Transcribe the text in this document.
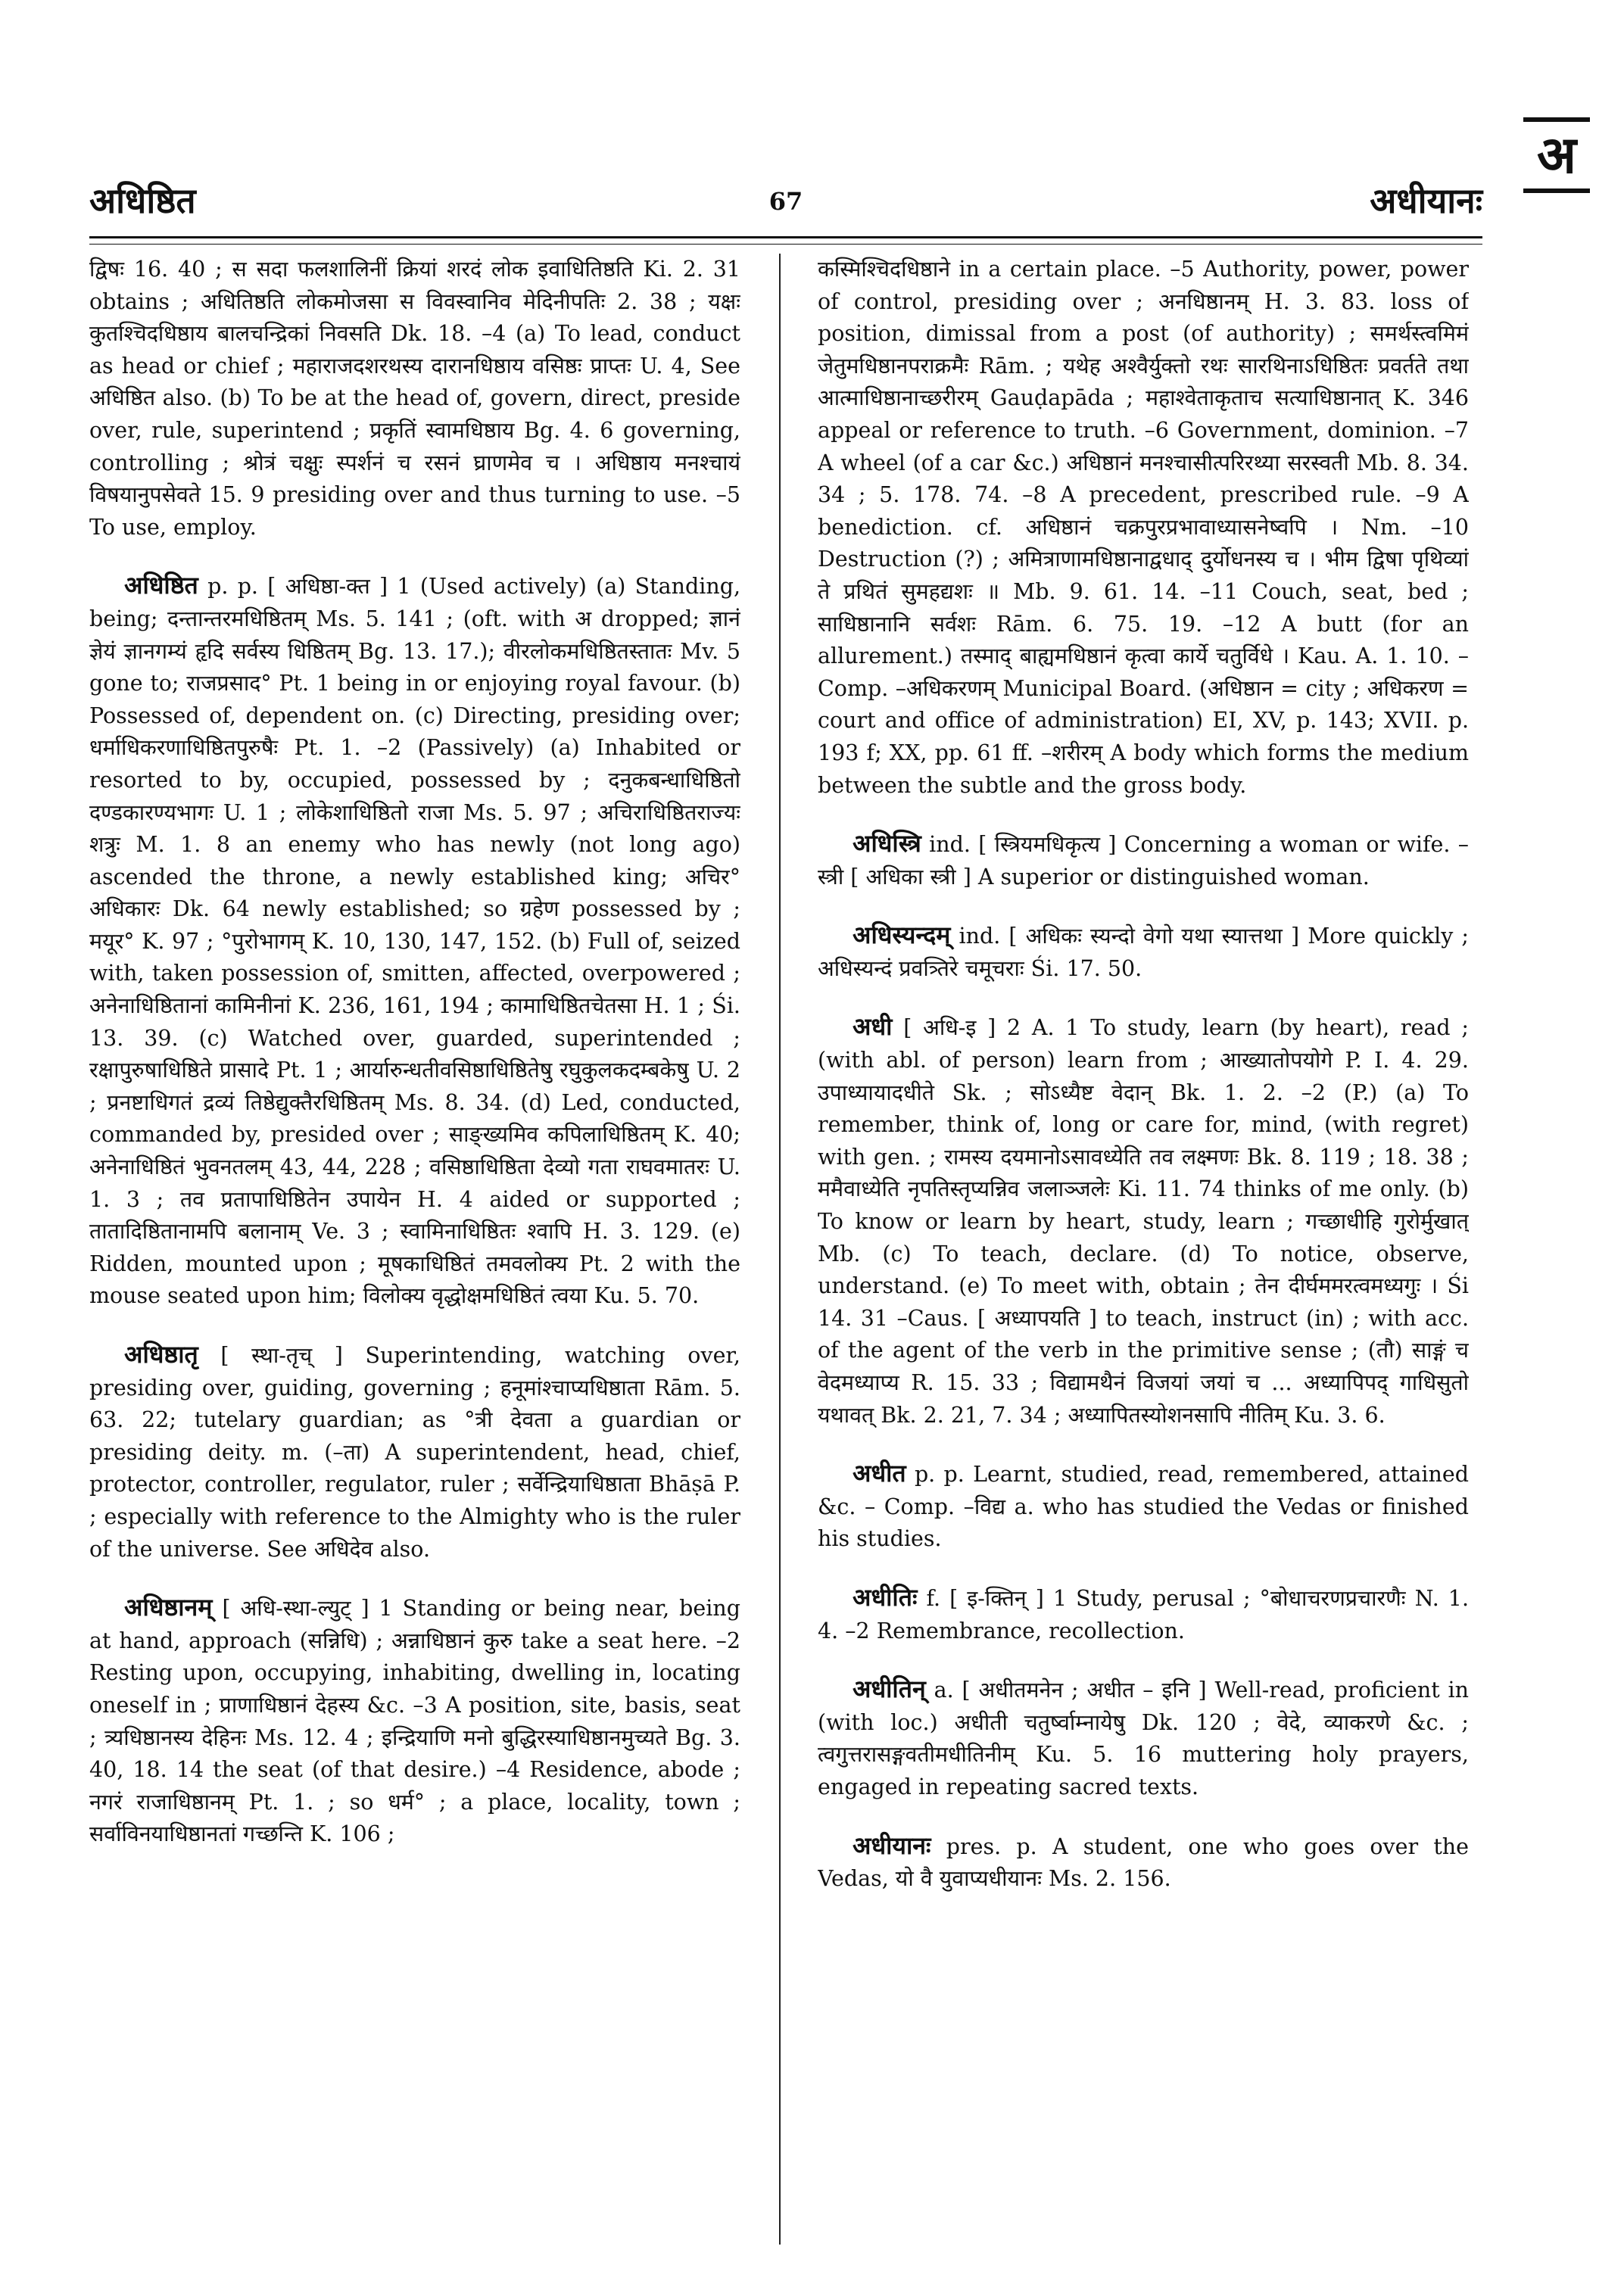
अ
अधिष्ठित	67	अधीयानः

द्विषः 16. 40 ; स सदा फलशालिनीं क्रियां शरदं लोक इवाधितिष्ठति Ki. 2. 31 obtains ; अधितिष्ठति लोकमोजसा स विवस्वानिव मेदिनीपतिः 2. 38 ; यक्षः कुतश्चिदधिष्ठाय बालचन्द्रिकां निवसति Dk. 18. –4 (a) To lead, conduct as head or chief ; महाराजदशरथस्य दारानधिष्ठाय वसिष्ठः प्राप्तः U. 4, See अधिष्ठित also. (b) To be at the head of, govern, direct, preside over, rule, superintend ; प्रकृतिं स्वामधिष्ठाय Bg. 4. 6 governing, controlling ; श्रोत्रं चक्षुः स्पर्शनं च रसनं घ्राणमेव च । अधिष्ठाय मनश्चायं विषयानुपसेवते 15. 9 presiding over and thus turning to use. –5 To use, employ.

अधिष्ठित p. p. [ अधिष्ठा-क्त ] 1 (Used actively) (a) Standing, being; दन्तान्तरमधिष्ठितम् Ms. 5. 141 ; (oft. with अ dropped; ज्ञानं ज्ञेयं ज्ञानगम्यं हृदि सर्वस्य धिष्ठितम् Bg. 13. 17.); वीरलोकमधिष्ठितस्तातः Mv. 5 gone to; राजप्रसाद° Pt. 1 being in or enjoying royal favour. (b) Possessed of, dependent on. (c) Directing, presiding over; धर्माधिकरणाधिष्ठितपुरुषैः Pt. 1. –2 (Passively) (a) Inhabited or resorted to by, occupied, possessed by ; दनुकबन्धाधिष्ठितो दण्डकारण्यभागः U. 1 ; लोकेशाधिष्ठितो राजा Ms. 5. 97 ; अचिराधिष्ठितराज्यः शत्रुः M. 1. 8 an enemy who has newly (not long ago) ascended the throne, a newly established king; अचिर° अधिकारः Dk. 64 newly established; so ग्रहेण possessed by ; मयूर° K. 97 ; °पुरोभागम् K. 10, 130, 147, 152. (b) Full of, seized with, taken possession of, smitten, affected, overpowered ; अनेनाधिष्ठितानां कामिनीनां K. 236, 161, 194 ; कामाधिष्ठितचेतसा H. 1 ; Śi. 13. 39. (c) Watched over, guarded, superintended ; रक्षापुरुषाधिष्ठिते प्रासादे Pt. 1 ; आर्यारुन्धतीवसिष्ठाधिष्ठितेषु रघुकुलकदम्बकेषु U. 2 ; प्रनष्टाधिगतं द्रव्यं तिष्ठेद्युक्तैरधिष्ठितम् Ms. 8. 34. (d) Led, conducted, commanded by, presided over ; साङ्ख्यमिव कपिलाधिष्ठितम् K. 40; अनेनाधिष्ठितं भुवनतलम् 43, 44, 228 ; वसिष्ठाधिष्ठिता देव्यो गता राघवमातरः U. 1. 3 ; तव प्रतापाधिष्ठितेन उपायेन H. 4 aided or supported ; तातादिष्ठितानामपि बलानाम् Ve. 3 ; स्वामिनाधिष्ठितः श्वापि H. 3. 129. (e) Ridden, mounted upon ; मूषकाधिष्ठितं तमवलोक्य Pt. 2 with the mouse seated upon him; विलोक्य वृद्धोक्षमधिष्ठितं त्वया Ku. 5. 70.

अधिष्ठातृ [ स्था-तृच् ] Superintending, watching over, presiding over, guiding, governing ; हनूमांश्चाप्यधिष्ठाता Rām. 5. 63. 22; tutelary guardian; as °त्री देवता a guardian or presiding deity. m. (–ता) A superintendent, head, chief, protector, controller, regulator, ruler ; सर्वेन्द्रियाधिष्ठाता Bhāṣā P. ; especially with reference to the Almighty who is the ruler of the universe. See अधिदेव also.

अधिष्ठानम् [ अधि-स्था-ल्युट् ] 1 Standing or being near, being at hand, approach (सन्निधि) ; अन्नाधिष्ठानं कुरु take a seat here. –2 Resting upon, occupying, inhabiting, dwelling in, locating oneself in ; प्राणाधिष्ठानं देहस्य &c. –3 A position, site, basis, seat ; त्र्यधिष्ठानस्य देहिनः Ms. 12. 4 ; इन्द्रियाणि मनो बुद्धिरस्याधिष्ठानमुच्यते Bg. 3. 40, 18. 14 the seat (of that desire.) –4 Residence, abode ; नगरं राजाधिष्ठानम् Pt. 1. ; so धर्म° ; a place, locality, town ; सर्वाविनयाधिष्ठानतां गच्छन्ति K. 106 ;

कस्मिश्चिदधिष्ठाने in a certain place. –5 Authority, power, power of control, presiding over ; अनधिष्ठानम् H. 3. 83. loss of position, dimissal from a post (of authority) ; समर्थस्त्वमिमं जेतुमधिष्ठानपराक्रमैः Rām. ; यथेह अश्वैर्युक्तो रथः सारथिनाऽधिष्ठितः प्रवर्तते तथा आत्माधिष्ठानाच्छरीरम् Gauḍapāda ; महाश्वेताकृताच सत्याधिष्ठानात् K. 346 appeal or reference to truth. –6 Government, dominion. –7 A wheel (of a car &c.) अधिष्ठानं मनश्चासीत्परिरथ्या सरस्वती Mb. 8. 34. 34 ; 5. 178. 74. –8 A precedent, prescribed rule. –9 A benediction. cf. अधिष्ठानं चक्रपुरप्रभावाध्यासनेष्वपि । Nm. –10 Destruction (?) ; अमित्राणामधिष्ठानाद्वधाद् दुर्योधनस्य च । भीम द्विषा पृथिव्यां ते प्रथितं सुमहद्यशः ॥ Mb. 9. 61. 14. –11 Couch, seat, bed ; साधिष्ठानानि सर्वशः Rām. 6. 75. 19. –12 A butt (for an allurement.) तस्माद् बाह्यमधिष्ठानं कृत्वा कार्ये चतुर्विधे । Kau. A. 1. 10. –Comp. –अधिकरणम् Municipal Board. (अधिष्ठान = city ; अधिकरण = court and office of administration) EI, XV, p. 143; XVII. p. 193 f; XX, pp. 61 ff. –शरीरम् A body which forms the medium between the subtle and the gross body.

अधिस्त्रि ind. [ स्त्रियमधिकृत्य ] Concerning a woman or wife. –स्त्री [ अधिका स्त्री ] A superior or distinguished woman.

अधिस्यन्दम् ind. [ अधिकः स्यन्दो वेगो यथा स्यात्तथा ] More quickly ; अधिस्यन्दं प्रवत्र्तिरे चमूचराः Śi. 17. 50.

अधी [ अधि-इ ] 2 A. 1 To study, learn (by heart), read ; (with abl. of person) learn from ; आख्यातोपयोगे P. I. 4. 29. उपाध्यायादधीते Sk. ; सोऽध्यैष्ट वेदान् Bk. 1. 2. –2 (P.) (a) To remember, think of, long or care for, mind, (with regret) with gen. ; रामस्य दयमानोऽसावध्येति तव लक्ष्मणः Bk. 8. 119 ; 18. 38 ; ममैवाध्येति नृपतिस्तृप्यन्निव जलाञ्जलेः Ki. 11. 74 thinks of me only. (b) To know or learn by heart, study, learn ; गच्छाधीहि गुरोर्मुखात् Mb. (c) To teach, declare. (d) To notice, observe, understand. (e) To meet with, obtain ; तेन दीर्घममरत्वमध्यगुः । Śi 14. 31 –Caus. [ अध्यापयति ] to teach, instruct (in) ; with acc. of the agent of the verb in the primitive sense ; (तौ) साङ्गं च वेदमध्याप्य R. 15. 33 ; विद्यामथैनं विजयां जयां च ... अध्यापिपद् गाधिसुतो यथावत् Bk. 2. 21, 7. 34 ; अध्यापितस्योशनसापि नीतिम् Ku. 3. 6.

अधीत p. p. Learnt, studied, read, remembered, attained &c. – Comp. –विद्य a. who has studied the Vedas or finished his studies.

अधीतिः f. [ इ-क्तिन् ] 1 Study, perusal ; °बोधाचरणप्रचारणैः N. 1. 4. –2 Remembrance, recollection.

अधीतिन् a. [ अधीतमनेन ; अधीत – इनि ] Well-read, proficient in (with loc.) अधीती चतुर्ष्वाम्नायेषु Dk. 120 ; वेदे, व्याकरणे &c. ; त्वगुत्तरासङ्गवतीमधीतिनीम् Ku. 5. 16 muttering holy prayers, engaged in repeating sacred texts.

अधीयानः pres. p. A student, one who goes over the Vedas, यो वै युवाप्यधीयानः Ms. 2. 156.
